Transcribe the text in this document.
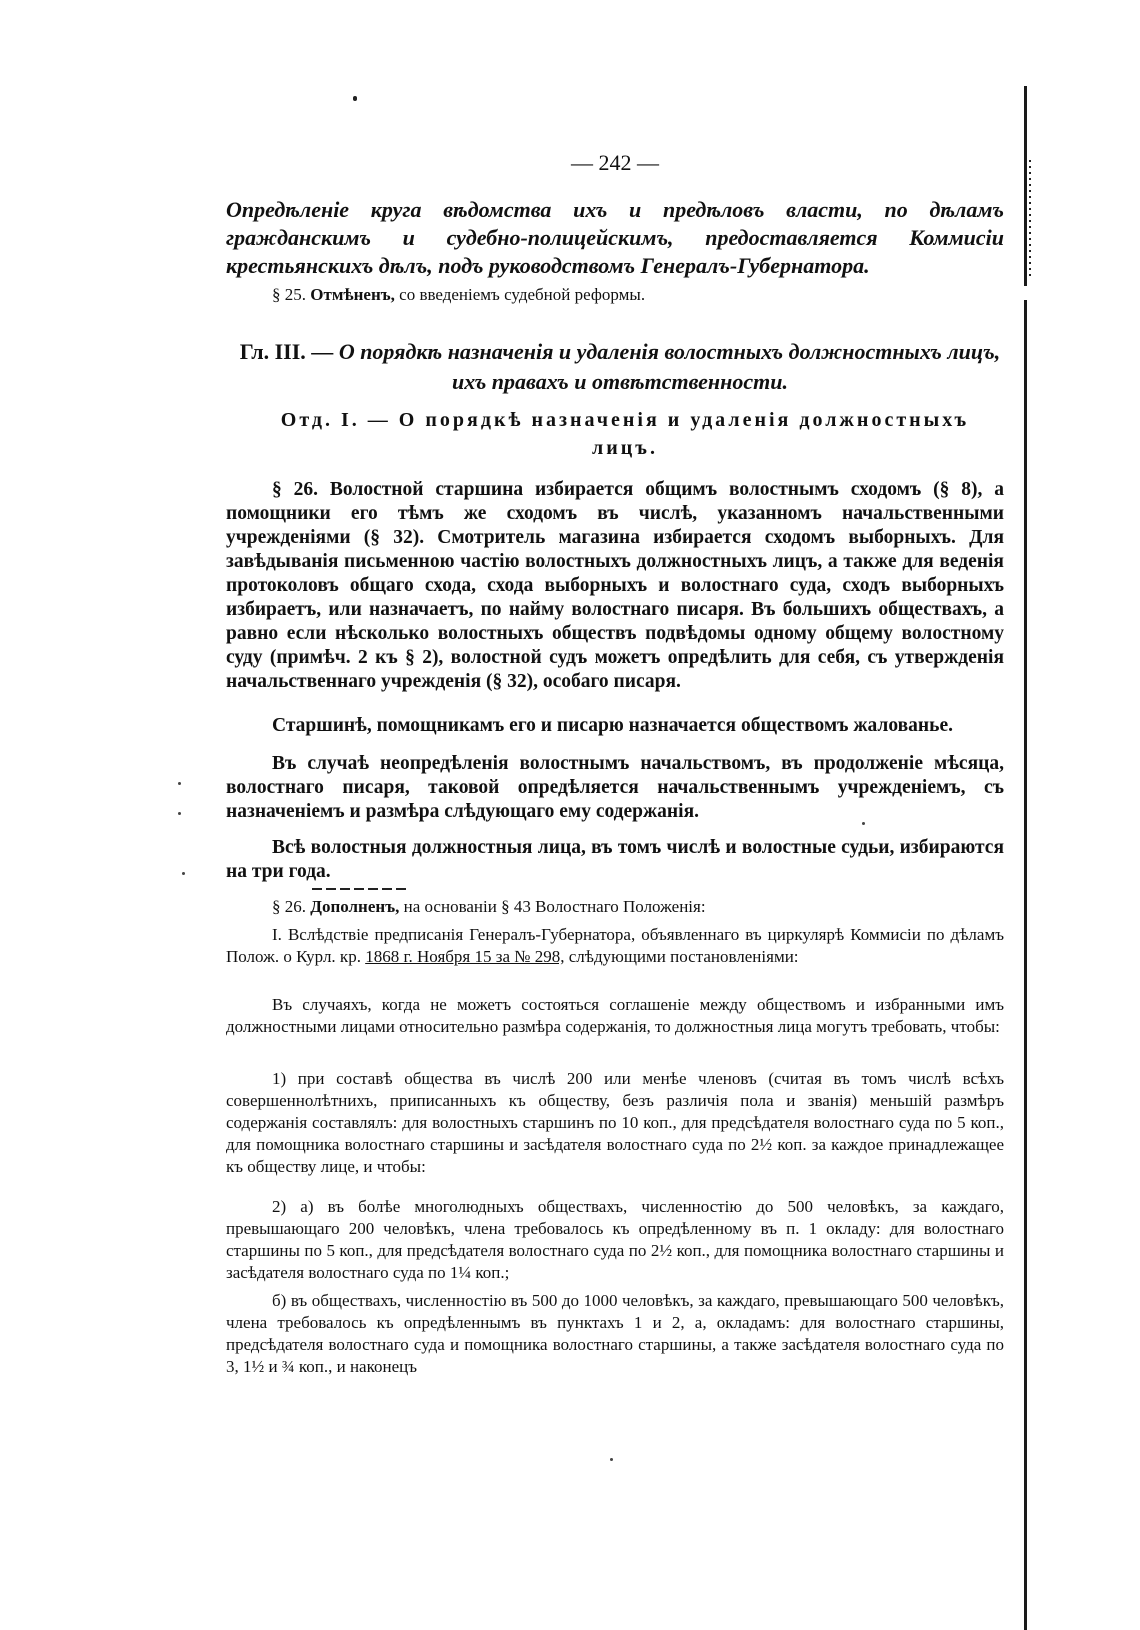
— 242 —
Опредѣленіе круга вѣдомства ихъ и предѣловъ власти, по дѣламъ гражданскимъ и судебно-полицейскимъ, предоставляется Коммисіи крестьянскихъ дѣлъ, подъ руководствомъ Генералъ-Губернатора.
§ 25. Отмѣненъ, со введеніемъ судебной реформы.
Гл. III. — О порядкѣ назначенія и удаленія волостныхъ должностныхъ лицъ, ихъ правахъ и отвѣтственности.
Отд. I. — О порядкѣ назначенія и удаленія должностныхъ лицъ.
§ 26. Волостной старшина избирается общимъ волостнымъ сходомъ (§ 8), а помощники его тѣмъ же сходомъ въ числѣ, указанномъ начальственными учрежденіями (§ 32). Смотритель магазина избирается сходомъ выборныхъ. Для завѣдыванія письменною частію волостныхъ должностныхъ лицъ, а также для веденія протоколовъ общаго схода, схода выборныхъ и волостнаго суда, сходъ выборныхъ избираетъ, или назначаетъ, по найму волостнаго писаря. Въ большихъ обществахъ, а равно если нѣсколько волостныхъ обществъ подвѣдомы одному общему волостному суду (примѣч. 2 къ § 2), волостной судъ можетъ опредѣлить для себя, съ утвержденія начальственнаго учрежденія (§ 32), особаго писаря.
Старшинѣ, помощникамъ его и писарю назначается обществомъ жалованье.
Въ случаѣ неопредѣленія волостнымъ начальствомъ, въ продолженіе мѣсяца, волостнаго писаря, таковой опредѣляется начальственнымъ учрежденіемъ, съ назначеніемъ и размѣра слѣдующаго ему содержанія.
Всѣ волостныя должностныя лица, въ томъ числѣ и волостные судьи, избираются на три года.
§ 26. Дополненъ, на основаніи § 43 Волостнаго Положенія:
I. Вслѣдствіе предписанія Генералъ-Губернатора, объявленнаго въ циркулярѣ Коммисіи по дѣламъ Полож. о Курл. кр. 1868 г. Ноября 15 за № 298, слѣдующими постановленіями:
Въ случаяхъ, когда не можетъ состояться соглашеніе между обществомъ и избранными имъ должностными лицами относительно размѣра содержанія, то должностныя лица могутъ требовать, чтобы:
1) при составѣ общества въ числѣ 200 или менѣе членовъ (считая въ томъ числѣ всѣхъ совершеннолѣтнихъ, приписанныхъ къ обществу, безъ различія пола и званія) меньшій размѣръ содержанія составлялъ: для волостныхъ старшинъ по 10 коп., для предсѣдателя волостнаго суда по 5 коп., для помощника волостнаго старшины и засѣдателя волостнаго суда по 2½ коп. за каждое принадлежащее къ обществу лице, и чтобы:
2) а) въ болѣе многолюдныхъ обществахъ, численностію до 500 человѣкъ, за каждаго, превышающаго 200 человѣкъ, члена требовалось къ опредѣленному въ п. 1 окладу: для волостнаго старшины по 5 коп., для предсѣдателя волостнаго суда по 2½ коп., для помощника волостнаго старшины и засѣдателя волостнаго суда по 1¼ коп.;
б) въ обществахъ, численностію въ 500 до 1000 человѣкъ, за каждаго, превышающаго 500 человѣкъ, члена требовалось къ опредѣленнымъ въ пунктахъ 1 и 2, а, окладамъ: для волостнаго старшины, предсѣдателя волостнаго суда и помощника волостнаго старшины, а также засѣдателя волостнаго суда по 3, 1½ и ¾ коп., и наконецъ
